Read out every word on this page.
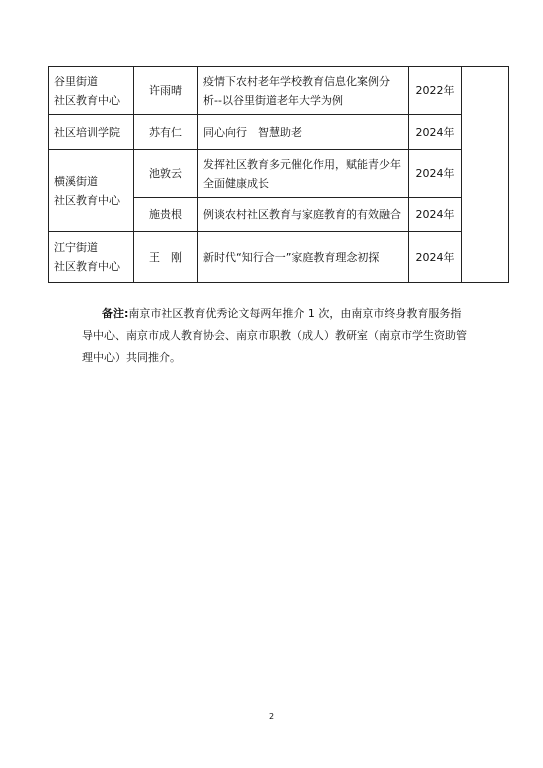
谷里街道
社区教育中心	许雨晴	疫情下农村老年学校教育信息化案例分析--以谷里街道老年大学为例	2022年	
社区培训学院	苏有仁	同心向行　智慧助老	2024年	

横溪街道
社区教育中心	池敦云	发挥社区教育多元催化作用，赋能青少年全面健康成长	2024年	
	施贵根	例谈农村社区教育与家庭教育的有效融合	2024年	

江宁街道
社区教育中心	王　刚	新时代“知行合一”家庭教育理念初探	2024年	
备注:南京市社区教育优秀论文每两年推介 1 次，由南京市终身教育服务指导中心、南京市成人教育协会、南京市职教（成人）教研室（南京市学生资助管理中心）共同推介。
2
